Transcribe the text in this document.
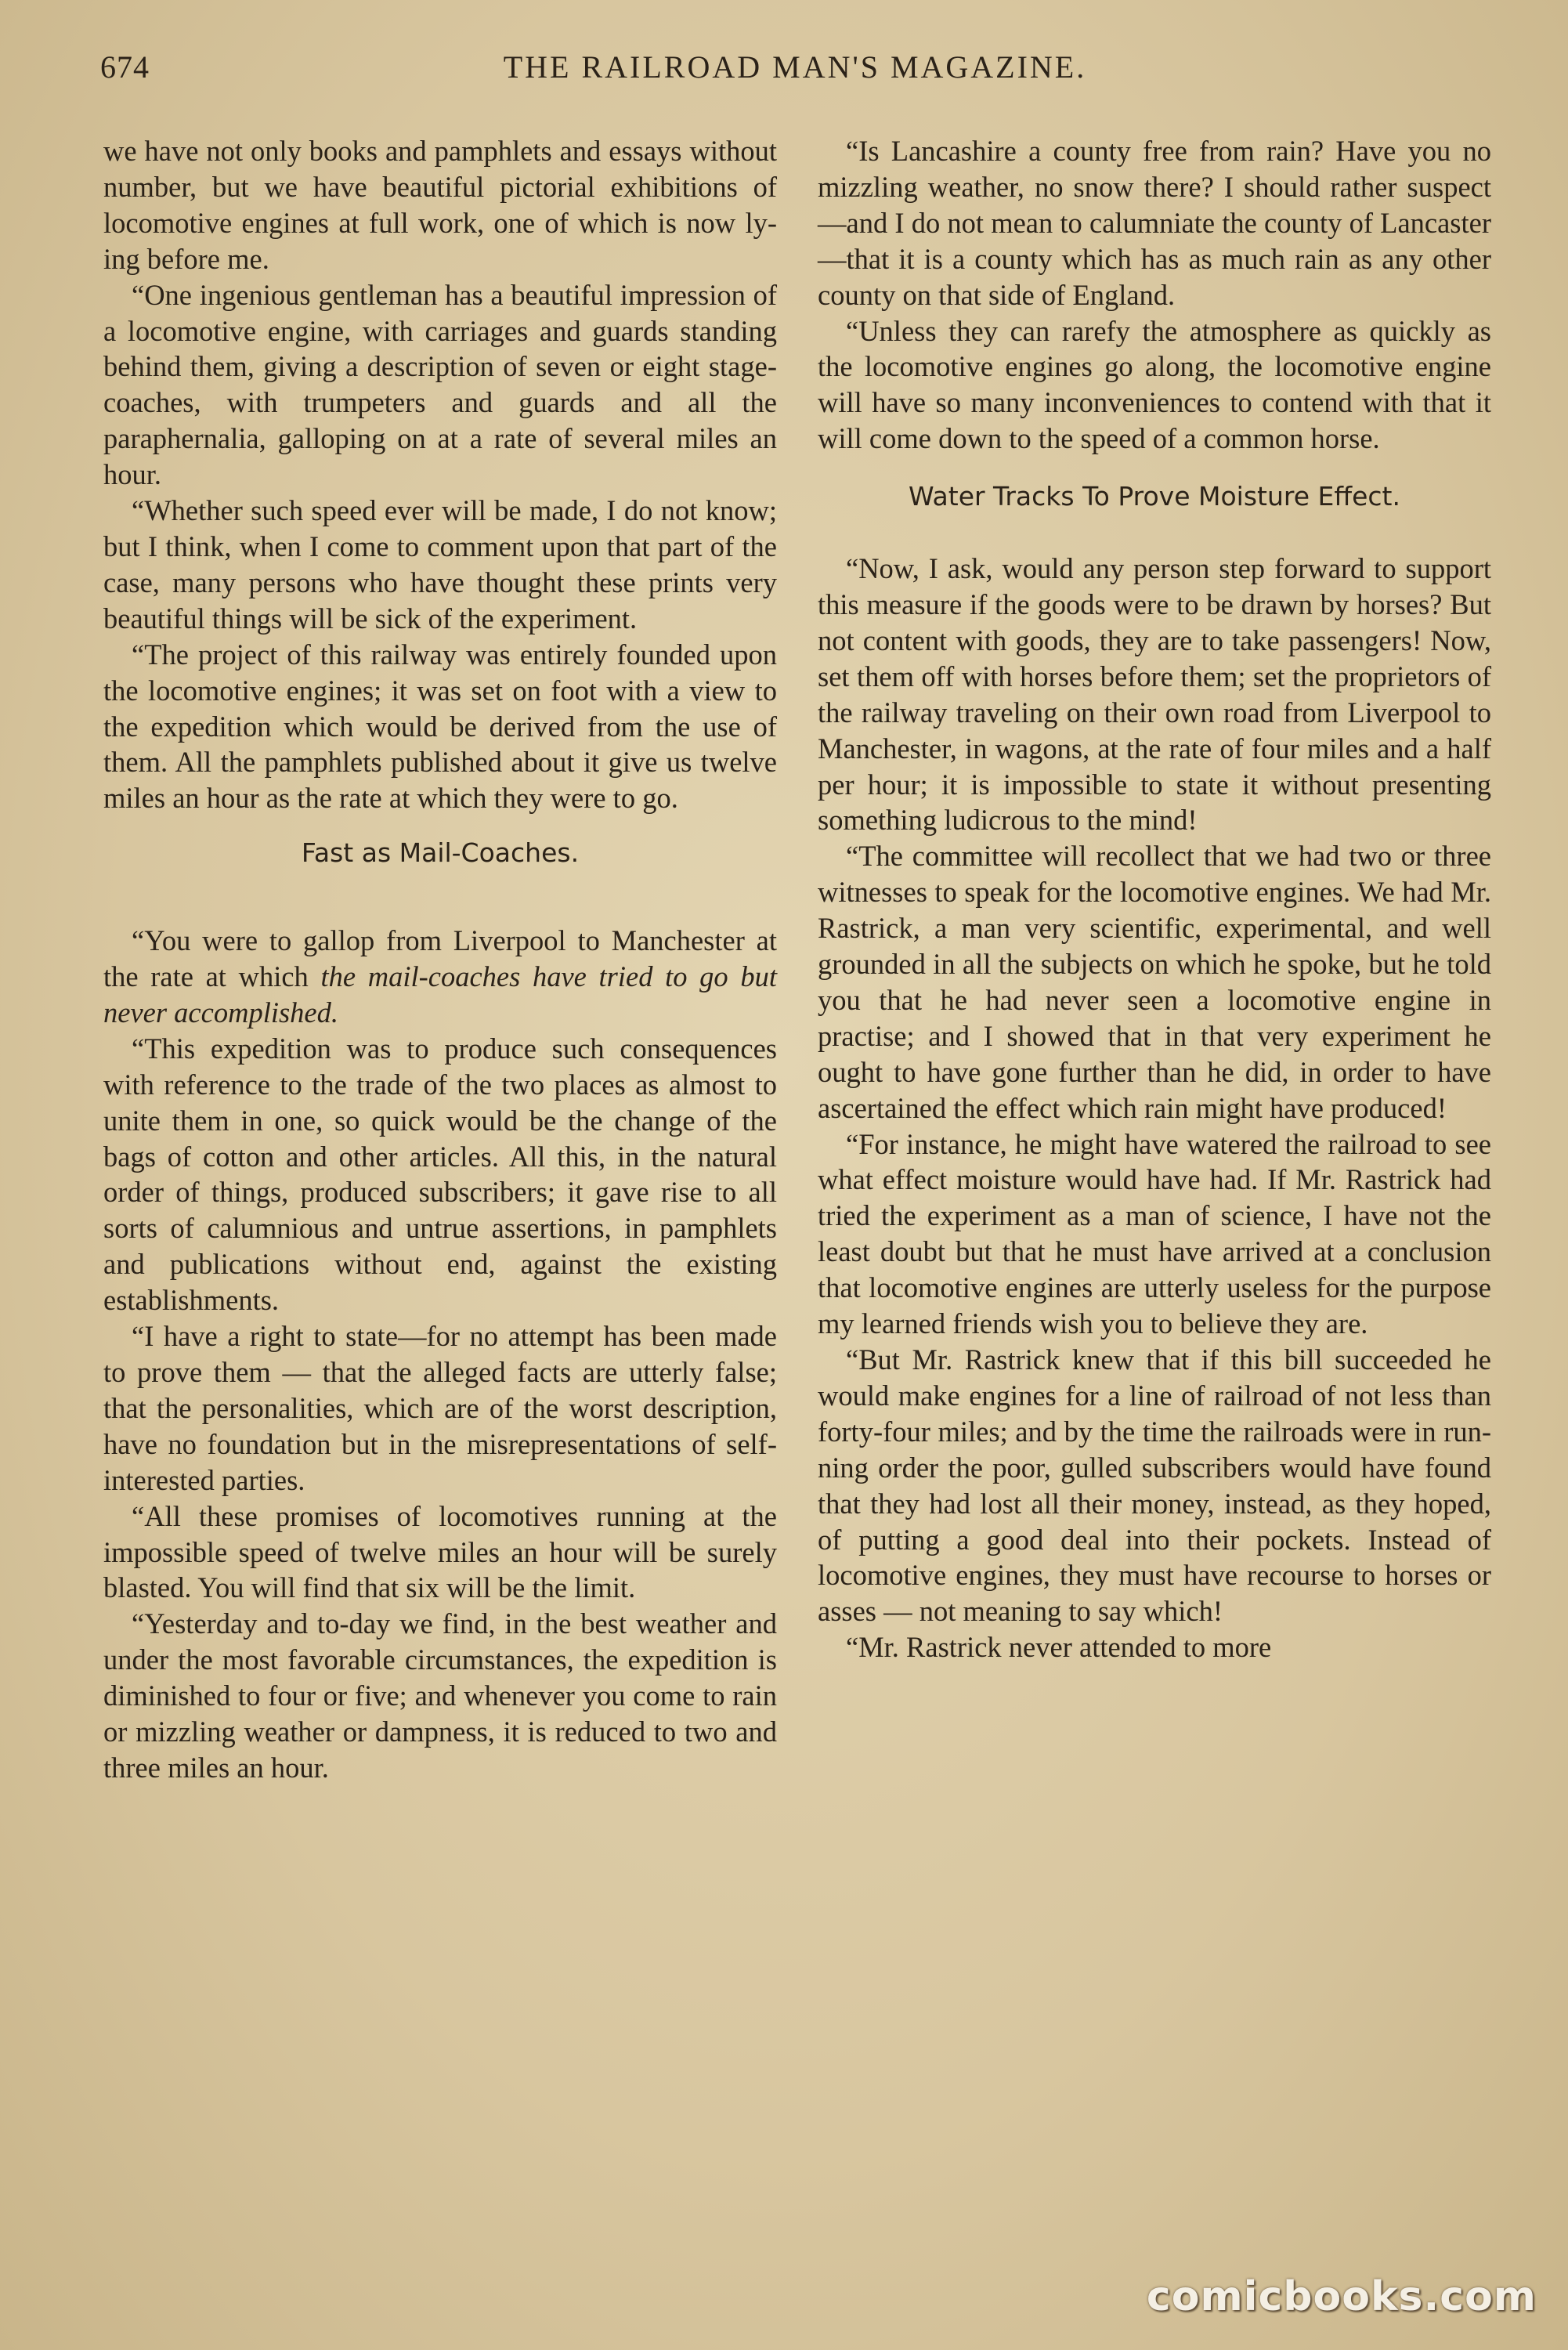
674	THE RAILROAD MAN'S MAGAZINE.

we have not only books and pamphlets and essays without number, but we have beautiful pictorial exhibitions of locomotive engines at full work, one of which is now lying before me.

“One ingenious gentleman has a beautiful impression of a locomotive engine, with carriages and guards standing behind them, giving a description of seven or eight stage-coaches, with trumpeters and guards and all the paraphernalia, galloping on at a rate of several miles an hour.

“Whether such speed ever will be made, I do not know; but I think, when I come to comment upon that part of the case, many persons who have thought these prints very beautiful things will be sick of the experiment.

“The project of this railway was entirely founded upon the locomotive engines; it was set on foot with a view to the expedition which would be derived from the use of them. All the pamphlets published about it give us twelve miles an hour as the rate at which they were to go.

Fast as Mail-Coaches.

“You were to gallop from Liverpool to Manchester at the rate at which the mail-coaches have tried to go but never accomplished.

“This expedition was to produce such consequences with reference to the trade of the two places as almost to unite them in one, so quick would be the change of the bags of cotton and other articles. All this, in the natural order of things, produced subscribers; it gave rise to all sorts of calumnious and untrue assertions, in pamphlets and publications without end, against the existing establishments.

“I have a right to state—for no attempt has been made to prove them — that the alleged facts are utterly false; that the personalities, which are of the worst description, have no foundation but in the misrepresentations of self-interested parties.

“All these promises of locomotives running at the impossible speed of twelve miles an hour will be surely blasted. You will find that six will be the limit.

“Yesterday and to-day we find, in the best weather and under the most favorable circumstances, the expedition is diminished to four or five; and whenever you come to rain or mizzling weather or dampness, it is reduced to two and three miles an hour.

“Is Lancashire a county free from rain? Have you no mizzling weather, no snow there? I should rather suspect—and I do not mean to calumniate the county of Lancaster—that it is a county which has as much rain as any other county on that side of England.

“Unless they can rarefy the atmosphere as quickly as the locomotive engines go along, the locomotive engine will have so many inconveniences to contend with that it will come down to the speed of a common horse.

Water Tracks To Prove Moisture Effect.

“Now, I ask, would any person step forward to support this measure if the goods were to be drawn by horses? But not content with goods, they are to take passengers! Now, set them off with horses before them; set the proprietors of the railway traveling on their own road from Liverpool to Manchester, in wagons, at the rate of four miles and a half per hour; it is impossible to state it without presenting something ludicrous to the mind!

“The committee will recollect that we had two or three witnesses to speak for the locomotive engines. We had Mr. Rastrick, a man very scientific, experimental, and well grounded in all the subjects on which he spoke, but he told you that he had never seen a locomotive engine in practise; and I showed that in that very experiment he ought to have gone further than he did, in order to have ascertained the effect which rain might have produced!

“For instance, he might have watered the railroad to see what effect moisture would have had. If Mr. Rastrick had tried the experiment as a man of science, I have not the least doubt but that he must have arrived at a conclusion that locomotive engines are utterly useless for the purpose my learned friends wish you to believe they are.

“But Mr. Rastrick knew that if this bill succeeded he would make engines for a line of railroad of not less than forty-four miles; and by the time the railroads were in running order the poor, gulled subscribers would have found that they had lost all their money, instead, as they hoped, of putting a good deal into their pockets. Instead of locomotive engines, they must have recourse to horses or asses — not meaning to say which!

“Mr. Rastrick never attended to more

comicbooks.com
